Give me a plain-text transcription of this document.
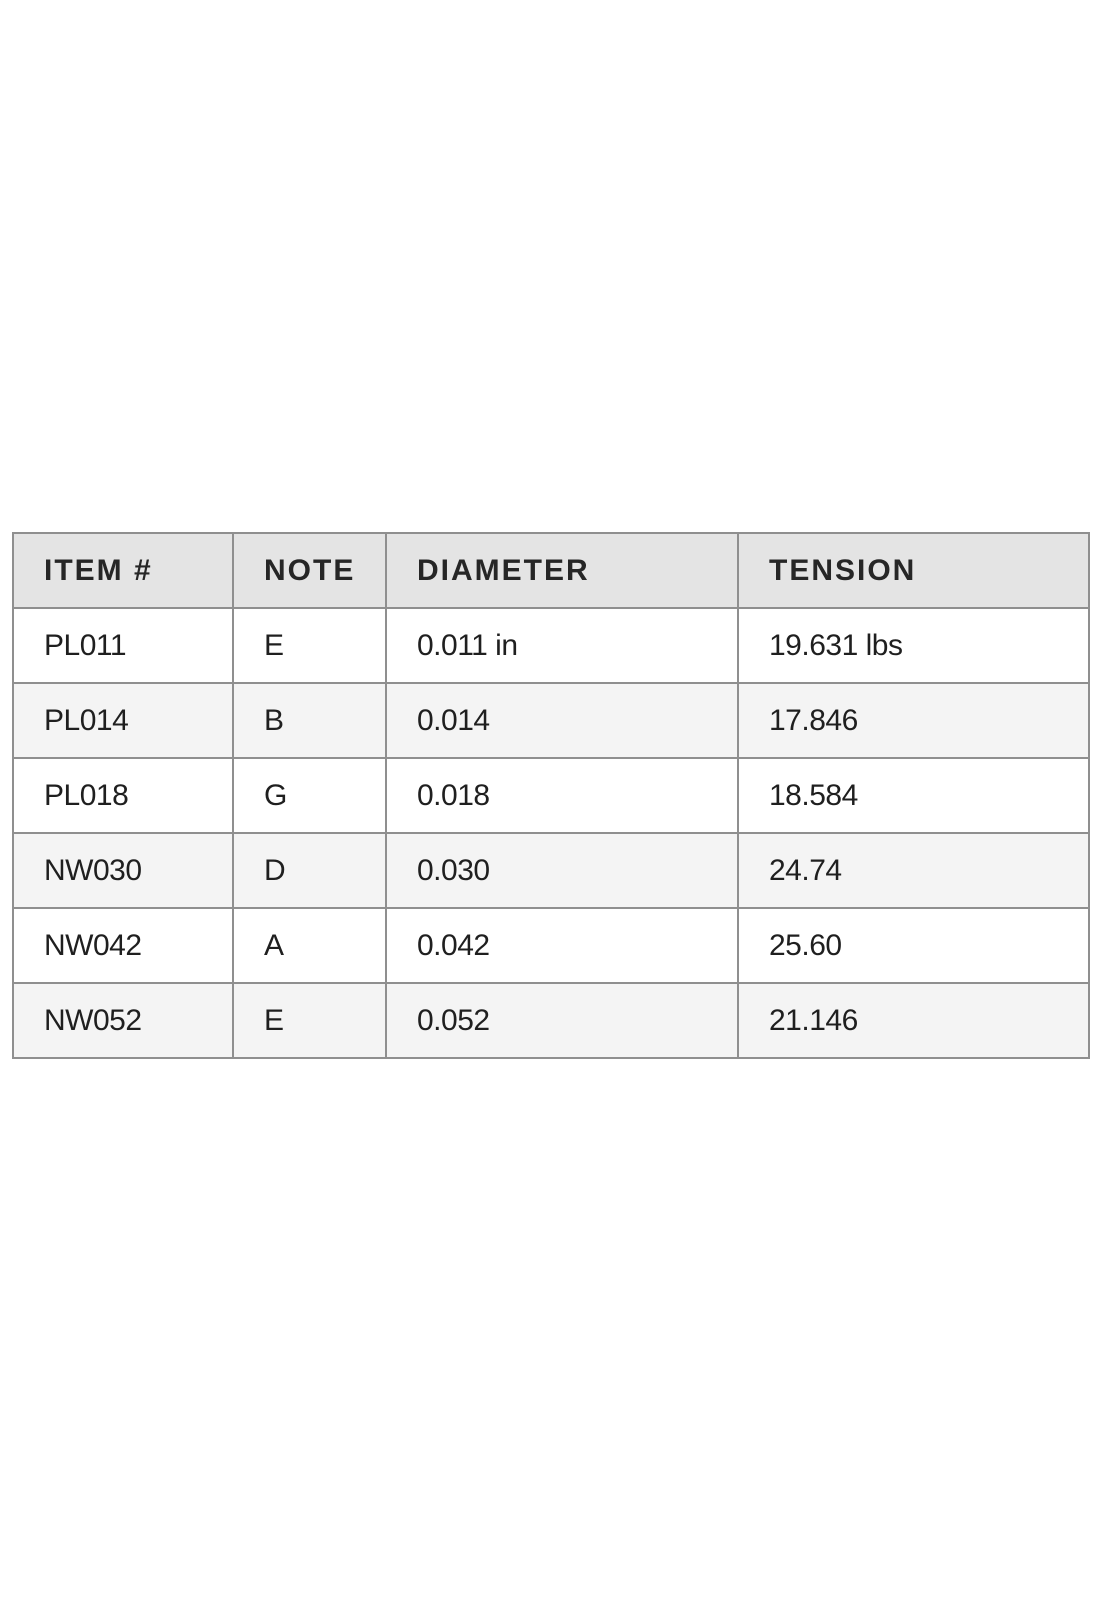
ITEM #	NOTE	DIAMETER	TENSION
PL011	E	0.011 in	19.631 lbs
PL014	B	0.014	17.846
PL018	G	0.018	18.584
NW030	D	0.030	24.74
NW042	A	0.042	25.60
NW052	E	0.052	21.146
